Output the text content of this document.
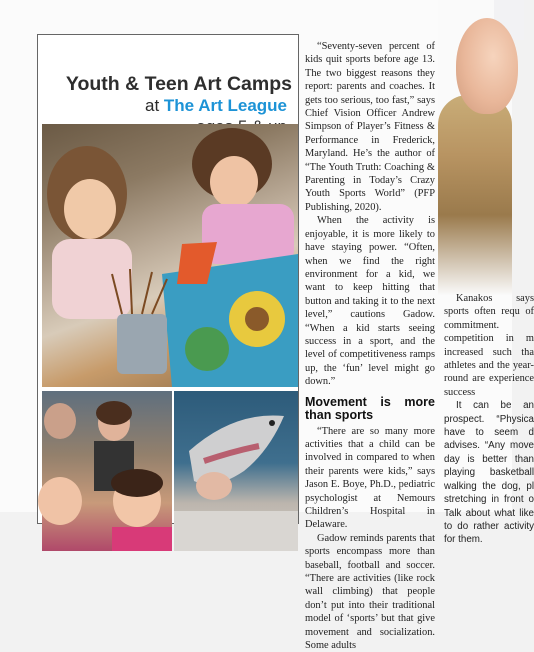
Youth & Teen Art Camps
at The Art League

“Seventy-seven percent of kids quit sports before age 13. The two biggest reasons they report: parents and coaches. It gets too serious, too fast,” says Chief Vision Officer Andrew Simpson of Player’s Fitness & Performance in Frederick, Maryland. He’s the author of “The Youth Truth: Coaching & Parenting in Today’s Crazy Youth Sports World” (PFP Publishing, 2020).

When the activity is enjoyable, it is more likely to have staying power. “Often, when we find the right environment for a kid, we want to keep hitting that button and taking it to the next level,” cautions Gadow. “When a kid starts seeing success in a sport, and the level of competitiveness ramps up, the ‘fun’ level might go down.”

Movement is more than sports

“There are so many more activities that a child can be involved in compared to when their parents were kids,” says Jason E. Boye, Ph.D., pediatric psychologist at Nemours Children’s Hospital in Delaware.

Gadow reminds parents that sports encompass more than baseball, football and soccer. “There are activities (like rock wall climbing) that people don’t put into their traditional model of ‘sports’ but that give movement and socialization. Some adults

Kanakos says sports often requ of commitment. competition in m increased such tha athletes and the year-round are experience success

It can be an prospect. “Physica have to seem d advises. “Any move day is better than playing basketball walking the dog, pl stretching in front o Talk about what like to do rather activity for them.
